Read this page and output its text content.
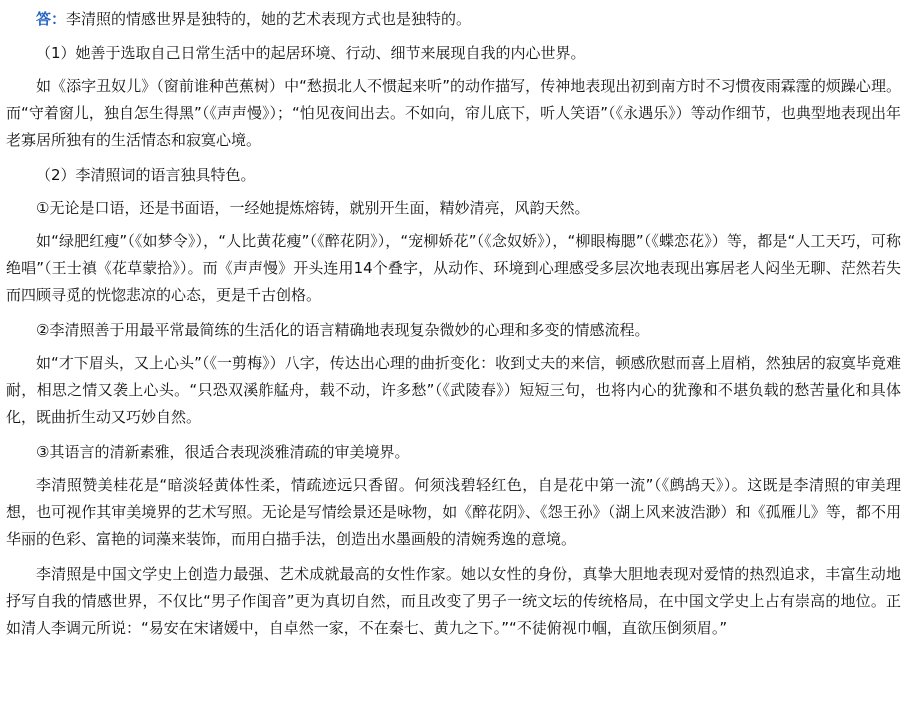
答：李清照的情感世界是独特的，她的艺术表现方式也是独特的。

（1）她善于选取自己日常生活中的起居环境、行动、细节来展现自我的内心世界。

如《添字丑奴儿》（窗前谁种芭蕉树）中“愁损北人不惯起来听”的动作描写，传神地表现出初到南方时不习惯夜雨霖霪的烦躁心理。而“守着窗儿，独自怎生得黑”（《声声慢》）；“怕见夜间出去。不如向，帘儿底下，听人笑语”（《永遇乐》）等动作细节，也典型地表现出年老寡居所独有的生活情态和寂寞心境。

（2）李清照词的语言独具特色。

①无论是口语，还是书面语，一经她提炼熔铸，就别开生面，精妙清亮，风韵天然。

如“绿肥红瘦”（《如梦令》），“人比黄花瘦”（《醉花阴》），“宠柳娇花”（《念奴娇》），“柳眼梅腮”（《蝶恋花》）等，都是“人工天巧，可称绝唱”（王士禛《花草蒙拾》）。而《声声慢》开头连用14个叠字，从动作、环境到心理感受多层次地表现出寡居老人闷坐无聊、茫然若失而四顾寻觅的恍惚悲凉的心态，更是千古创格。

②李清照善于用最平常最简练的生活化的语言精确地表现复杂微妙的心理和多变的情感流程。

如“才下眉头，又上心头”（《一剪梅》）八字，传达出心理的曲折变化：收到丈夫的来信，顿感欣慰而喜上眉梢，然独居的寂寞毕竟难耐，相思之情又袭上心头。“只恐双溪舴艋舟，载不动，许多愁”（《武陵春》）短短三句，也将内心的犹豫和不堪负载的愁苦量化和具体化，既曲折生动又巧妙自然。

③其语言的清新素雅，很适合表现淡雅清疏的审美境界。

李清照赞美桂花是“暗淡轻黄体性柔，情疏迹远只香留。何须浅碧轻红色，自是花中第一流”（《鹧鸪天》）。这既是李清照的审美理想，也可视作其审美境界的艺术写照。无论是写情绘景还是咏物，如《醉花阴》、《怨王孙》（湖上风来波浩渺）和《孤雁儿》等，都不用华丽的色彩、富艳的词藻来装饰，而用白描手法，创造出水墨画般的清婉秀逸的意境。

李清照是中国文学史上创造力最强、艺术成就最高的女性作家。她以女性的身份，真挚大胆地表现对爱情的热烈追求，丰富生动地抒写自我的情感世界，不仅比“男子作闺音”更为真切自然，而且改变了男子一统文坛的传统格局，在中国文学史上占有崇高的地位。正如清人李调元所说：“易安在宋诸媛中，自卓然一家，不在秦七、黄九之下。”“不徒俯视巾帼，直欲压倒须眉。”
